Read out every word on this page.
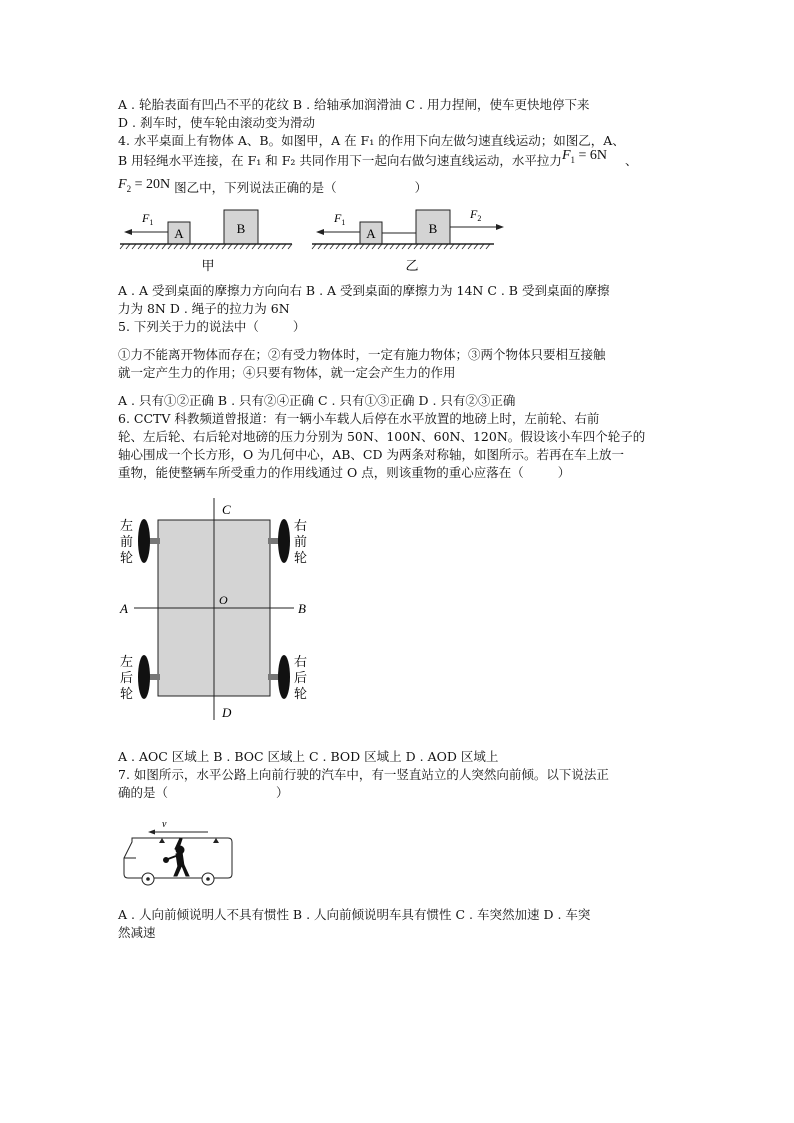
A . 轮胎表面有凹凸不平的花纹 B . 给轴承加润滑油 C . 用力捏闸，使车更快地停下来
D . 刹车时，使车轮由滚动变为滑动
4. 水平桌面上有物体 A、B。如图甲，A 在 F₁ 的作用下向左做匀速直线运动；如图乙，A、
B 用轻绳水平连接，在 F₁ 和 F₂ 共同作用下一起向右做匀速直线运动，水平拉力$F_1 = 6N$ 、
$F_2 = 20N$ 图乙中，下列说法正确的是（	）
A	B
$F_1$
甲
A	B
$F_1$
$F_2$
乙
A . A 受到桌面的摩擦力方向向右 B . A 受到桌面的摩擦力为 14N C . B 受到桌面的摩擦
力为 8N D . 绳子的拉力为 6N
5. 下列关于力的说法中（	）
①力不能离开物体而存在；②有受力物体时，一定有施力物体；③两个物体只要相互接触
就一定产生力的作用；④只要有物体，就一定会产生力的作用
A . 只有①②正确 B . 只有②④正确 C . 只有①③正确 D . 只有②③正确
6. CCTV 科教频道曾报道：有一辆小车载人后停在水平放置的地磅上时，左前轮、右前
轮、左后轮、右后轮对地磅的压力分别为 50N、100N、60N、120N。假设该小车四个轮子的
轴心围成一个长方形，O 为几何中心，AB、CD 为两条对称轴，如图所示。若再在车上放一
重物，能使整辆车所受重力的作用线通过 O 点，则该重物的重心应落在（	）
C
D
A	B
O
左
前
轮
右
前
轮
左
后
轮
右
后
轮
A . AOC 区域上 B . BOC 区域上 C . BOD 区域上 D . AOD 区域上
7. 如图所示，水平公路上向前行驶的汽车中，有一竖直站立的人突然向前倾。以下说法正
确的是（	）
v
A . 人向前倾说明人不具有惯性 B . 人向前倾说明车具有惯性 C . 车突然加速 D . 车突
然减速
